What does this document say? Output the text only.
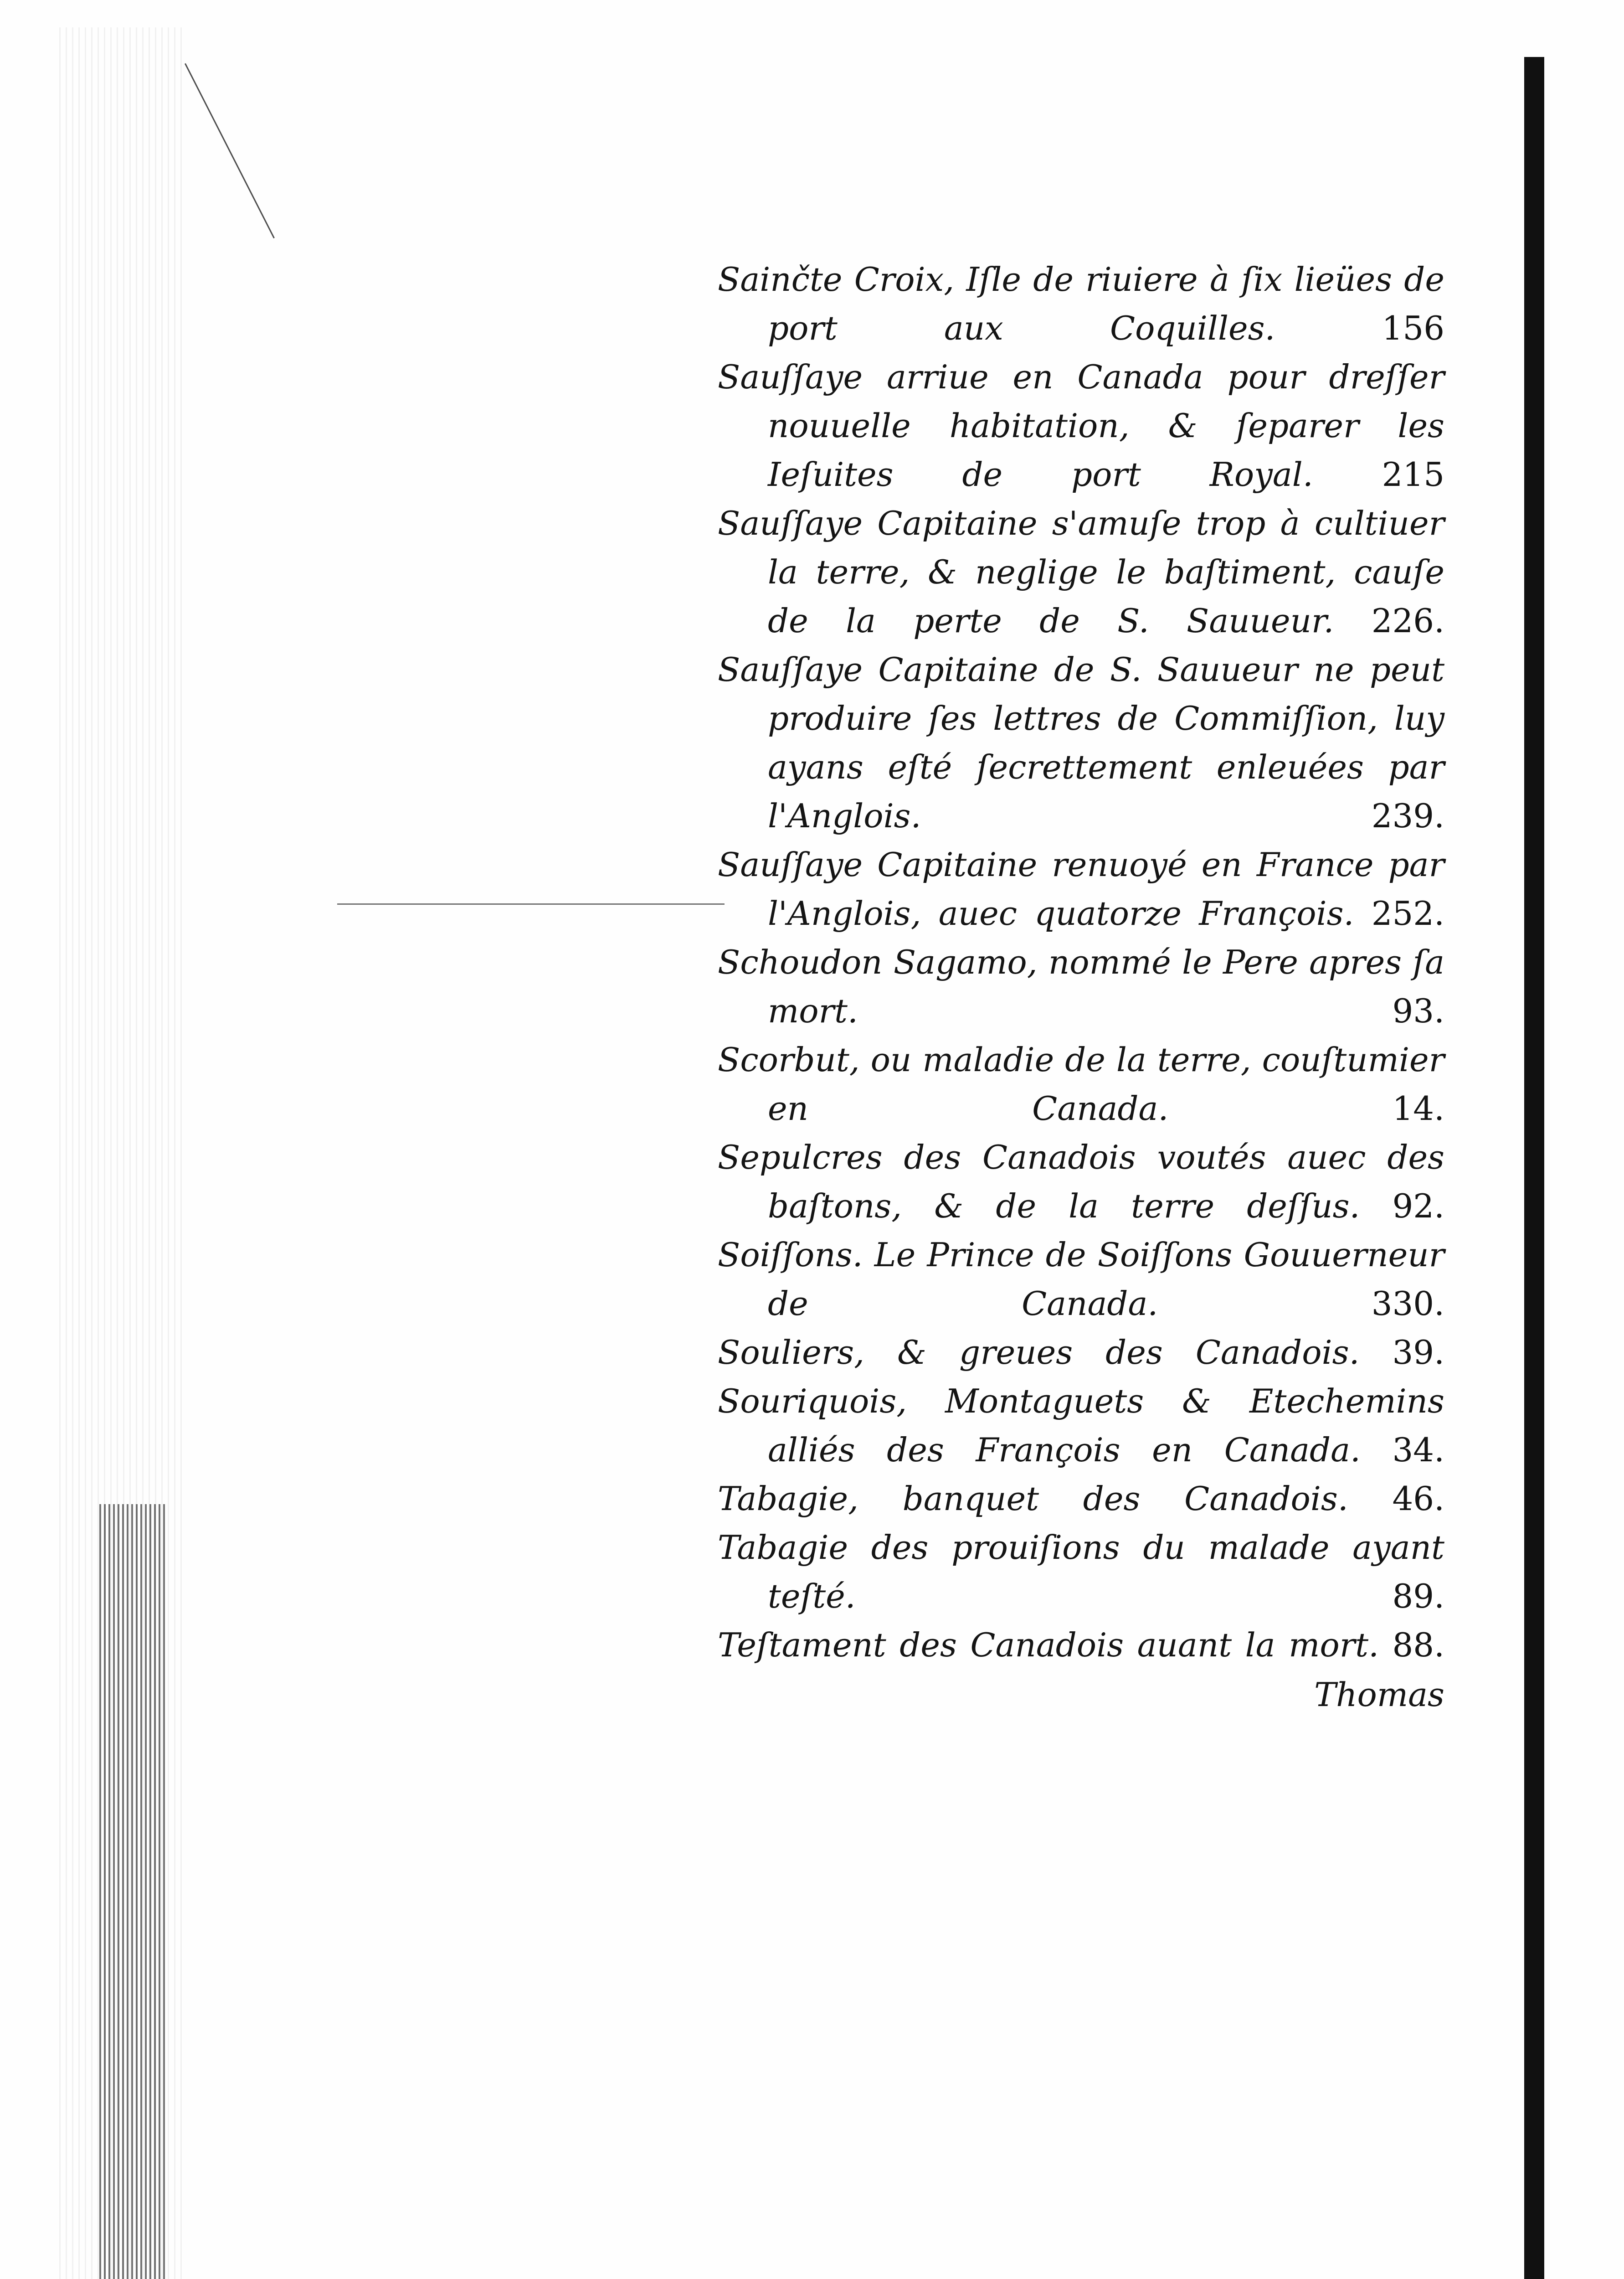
Sainčte Croix, Iſle de riuiere à ſix lieües de port aux Coquilles.	156

Sauſſaye arriue en Canada pour dreſſer nouuelle habitation, & ſeparer les Ieſuites de port Royal. 215

Sauſſaye Capitaine s'amuſe trop à cultiuer la terre, & neglige le baſtiment, cauſe de la perte de S. Sauueur. 226.

Sauſſaye Capitaine de S. Sauueur ne peut produire ſes lettres de Commiſſion, luy ayans eſté ſecrettement enleuées par l'Anglois.	239.

Sauſſaye Capitaine renuoyé en France par l'Anglois, auec quatorze François. 252.

Schoudon Sagamo, nommé le Pere apres ſa mort.	93.

Scorbut, ou maladie de la terre, couſtumier en Canada.	14.

Sepulcres des Canadois voutés auec des baſtons, & de la terre deſſus. 92.

Soiſſons. Le Prince de Soiſſons Gouuerneur de Canada.	330.

Souliers, & greues des Canadois. 39.

Souriquois, Montaguets & Etechemins alliés des François en Canada. 34.

Tabagie, banquet des Canadois. 46.

Tabagie des prouiſions du malade ayant teſté.	89.

Teſtament des Canadois auant la mort. 88.

Thomas
